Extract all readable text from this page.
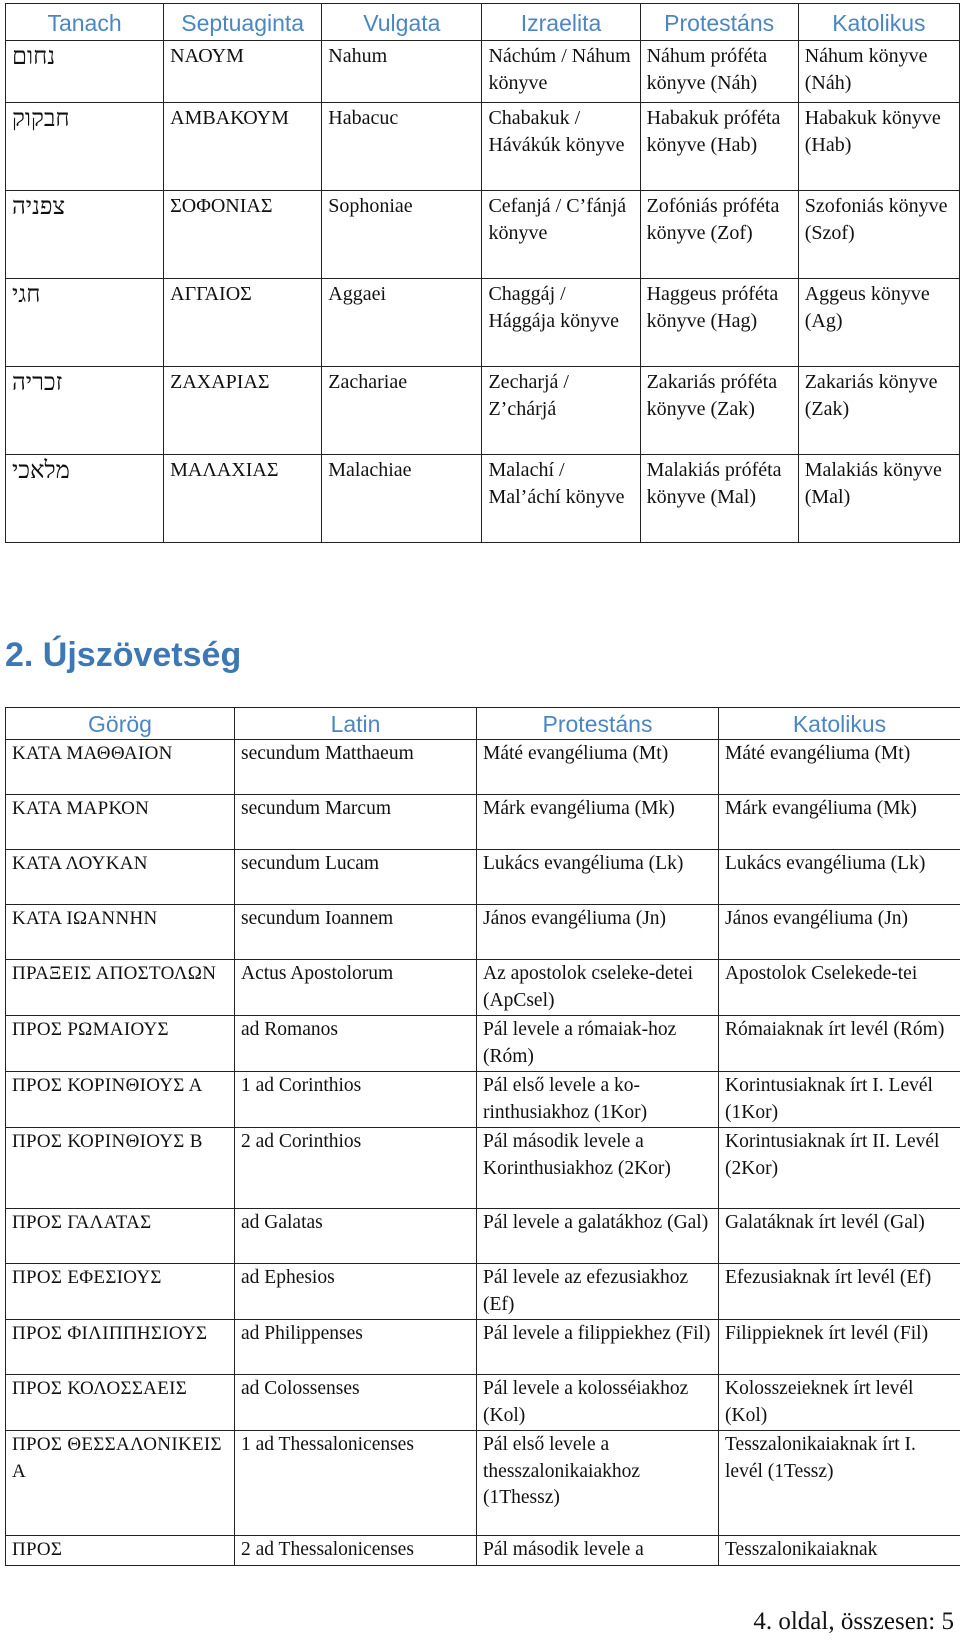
Tanach	Septuaginta	Vulgata	Izraelita	Protestáns	Katolikus
נחום	ΝΑΟΥΜ	Nahum	Náchúm / Náhum könyve	Náhum próféta könyve (Náh)	Náhum könyve (Náh)
חבקוק	ΑΜΒΑΚΟΥΜ	Habacuc	Chabakuk / Hávákúk könyve	Habakuk próféta könyve (Hab)	Habakuk könyve (Hab)
צפניה	ΣΟΦΟΝΙΑΣ	Sophoniae	Cefanjá / C’fánjá könyve	Zofóniás próféta könyve (Zof)	Szofoniás könyve (Szof)
חגי	ΑΓΓΑΙΟΣ	Aggaei	Chaggáj / Hággája könyve	Haggeus próféta könyve (Hag)	Aggeus könyve (Ag)
זכריה	ΖΑΧΑΡΙΑΣ	Zachariae	Zecharjá / Z’chárjá	Zakariás próféta könyve (Zak)	Zakariás könyve (Zak)
מלאכי	ΜΑΛΑΧΙΑΣ	Malachiae	Malachí / Mal’áchí könyve	Malakiás próféta könyve (Mal)	Malakiás könyve (Mal)
2. Újszövetség
Görög	Latin	Protestáns	Katolikus
ΚΑΤΑ ΜΑΘΘΑΙΟΝ	secundum Matthaeum	Máté evangéliuma (Mt)	Máté evangéliuma (Mt)
ΚΑΤΑ ΜΑΡΚΟΝ	secundum Marcum	Márk evangéliuma (Mk)	Márk evangéliuma (Mk)
ΚΑΤΑ ΛΟΥΚΑΝ	secundum Lucam	Lukács evangéliuma (Lk)	Lukács evangéliuma (Lk)
ΚΑΤΑ ΙΩΑΝΝΗΝ	secundum Ioannem	János evangéliuma (Jn)	János evangéliuma (Jn)
ΠΡΑΞΕΙΣ ΑΠΟΣΤΟΛΩΝ	Actus Apostolorum	Az apostolok cseleke-detei (ApCsel)	Apostolok Cselekede-tei
ΠΡΟΣ ΡΩΜΑΙΟΥΣ	ad Romanos	Pál levele a rómaiak-hoz (Róm)	Rómaiaknak írt levél (Róm)
ΠΡΟΣ ΚΟΡΙΝΘΙΟΥΣ Α	1 ad Corinthios	Pál első levele a ko-rinthusiakhoz (1Kor)	Korintusiaknak írt I. Levél (1Kor)
ΠΡΟΣ ΚΟΡΙΝΘΙΟΥΣ Β	2 ad Corinthios	Pál második levele a Korinthusiakhoz (2Kor)	Korintusiaknak írt II. Levél (2Kor)
ΠΡΟΣ ΓΑΛΑΤΑΣ	ad Galatas	Pál levele a galatákhoz (Gal)	Galatáknak írt levél (Gal)
ΠΡΟΣ ΕΦΕΣΙΟΥΣ	ad Ephesios	Pál levele az efezusiakhoz (Ef)	Efezusiaknak írt levél (Ef)
ΠΡΟΣ ΦΙΛΙΠΠΗΣΙΟΥΣ	ad Philippenses	Pál levele a filippiekhez (Fil)	Filippieknek írt levél (Fil)
ΠΡΟΣ ΚΟΛΟΣΣΑΕΙΣ	ad Colossenses	Pál levele a kolosséiakhoz (Kol)	Kolosszeieknek írt levél (Kol)
ΠΡΟΣ ΘΕΣΣΑΛΟΝΙΚΕΙΣ Α	1 ad Thessalonicenses	Pál első levele a thesszalonikaiakhoz (1Thessz)	Tesszalonikaiaknak írt I. levél (1Tessz)
ΠΡΟΣ	2 ad Thessalonicenses	Pál második levele a	Tesszalonikaiaknak
4. oldal, összesen: 5
